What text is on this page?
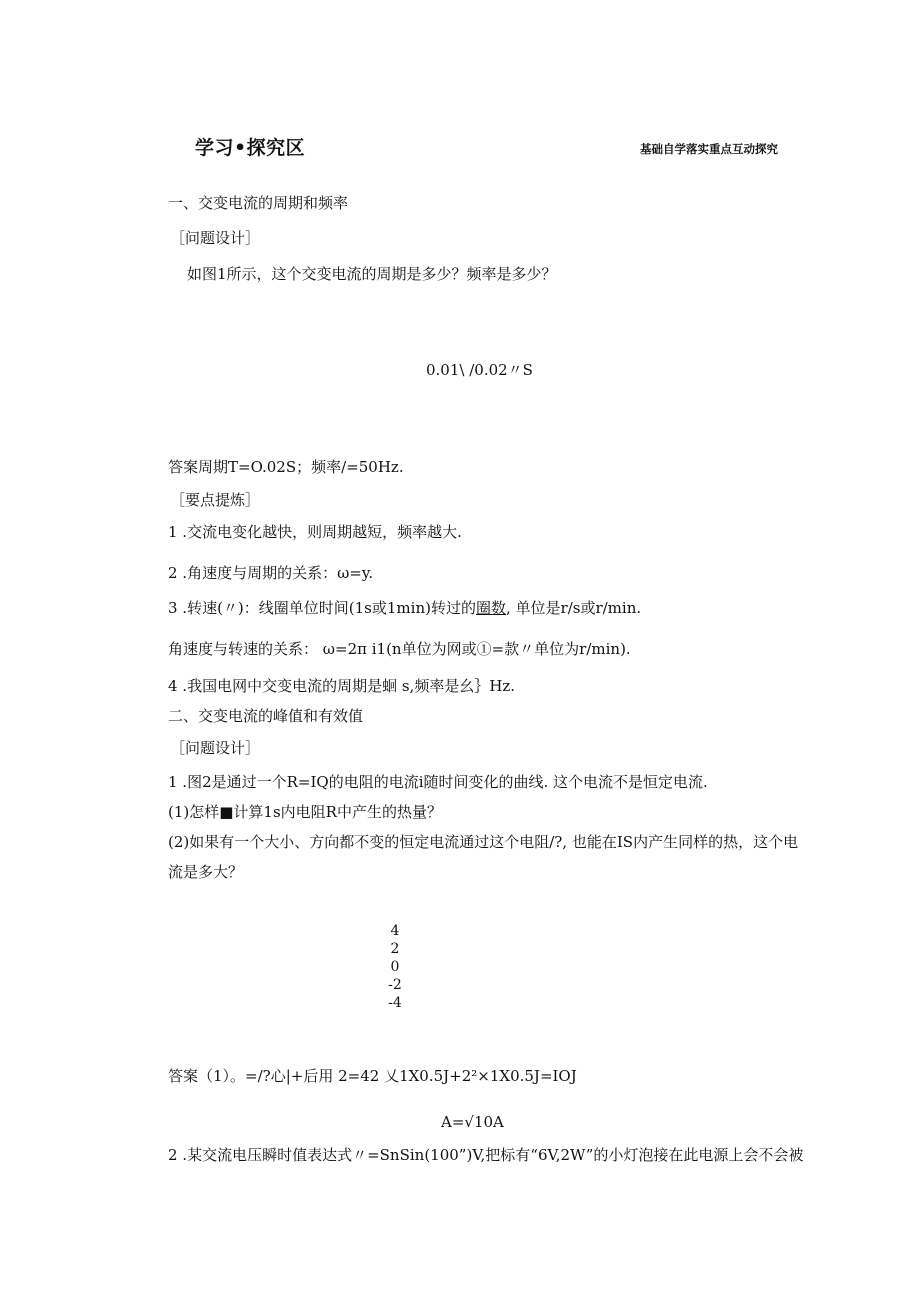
学习•探究区	基础自学落实重点互动探究
一、交变电流的周期和频率
［问题设计］
如图1所示，这个交变电流的周期是多少？频率是多少？
0.01\ /0.02〃S
答案周期T=O.02S；频率/=50Hz.
［要点提炼］
1 .交流电变化越快，则周期越短，频率越大.
2 .角速度与周期的关系：ω=y.
3 .转速(〃)：线圈单位时间(1s或1min)转过的圈数, 单位是r/s或r/min.
角速度与转速的关系： ω=2π i1(n单位为网或①=款〃单位为r/min).
4 .我国电网中交变电流的周期是蛔 s,频率是幺｝Hz.
二、交变电流的峰值和有效值
［问题设计］
1 .图2是通过一个R=IQ的电阻的电流i随时间变化的曲线. 这个电流不是恒定电流.
(1)怎样■计算1s内电阻R中产生的热量？
(2)如果有一个大小、方向都不变的恒定电流通过这个电阻/?, 也能在IS内产生同样的热，这个电
流是多大？
4
2
0
-2
-4
答案（1）。=/?心|+后用 2=42 乂1X0.5J+2²×1X0.5J=IOJ
A=√10A
2 .某交流电压瞬时值表达式〃=SnSin(100”)V,把标有“6V,2W”的小灯泡接在此电源上会不会被
